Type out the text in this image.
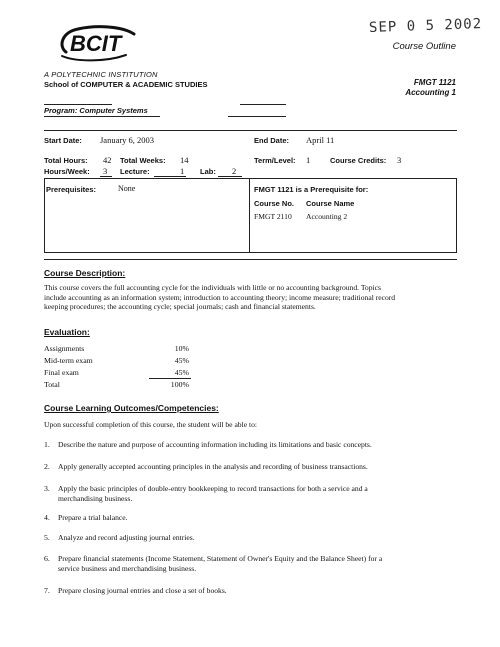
BCIT
SEP 0 5 2002
Course Outline
A POLYTECHNIC INSTITUTION
School of COMPUTER & ACADEMIC STUDIES	FMGT 1121
Accounting 1
Program: Computer Systems
Start Date: January 6, 2003	End Date: April 11
Total Hours: 42 Total Weeks: 14	Term/Level: 1	Course Credits: 3
Hours/Week: 3 Lecture:	1 Lab: 2
Prerequisites:	None	FMGT 1121 is a Prerequisite for:
Course No. Course Name
FMGT 2110 Accounting 2
Course Description:
This course covers the full accounting cycle for the individuals with little or no accounting background. Topics
include accounting as an information system; introduction to accounting theory; income measure; traditional record
keeping procedures; the accounting cycle; special journals; cash and financial statements.
Evaluation:
Assignments	10%
Mid-term exam	45%
Final exam	45%
Total	100%
Course Learning Outcomes/Competencies:
Upon successful completion of this course, the student will be able to:
1. Describe the nature and purpose of accounting information including its limitations and basic concepts.
2. Apply generally accepted accounting principles in the analysis and recording of business transactions.
3. Apply the basic principles of double-entry bookkeeping to record transactions for both a service and a
merchandising business.
4. Prepare a trial balance.
5. Analyze and record adjusting journal entries.
6. Prepare financial statements (Income Statement, Statement of Owner's Equity and the Balance Sheet) for a
service business and merchandising business.
7. Prepare closing journal entries and close a set of books.
